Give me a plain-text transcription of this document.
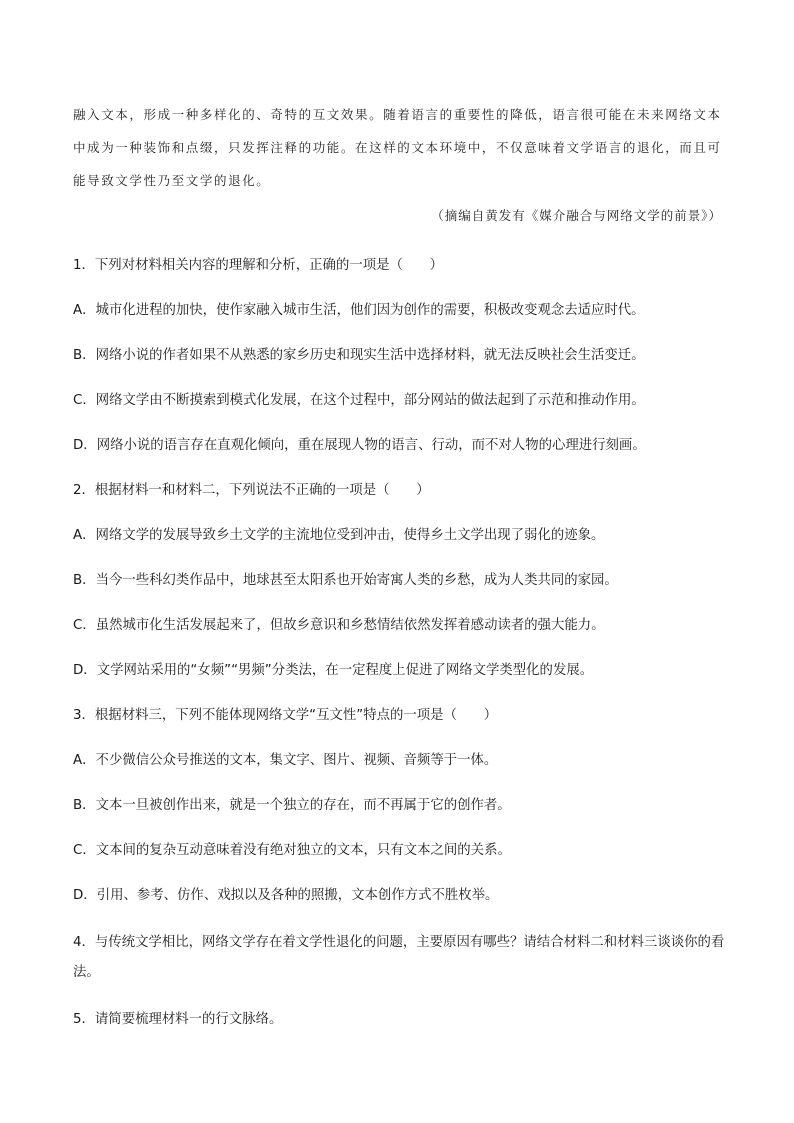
融入文本，形成一种多样化的、奇特的互文效果。随着语言的重要性的降低，语言很可能在未来网络文本

中成为一种装饰和点缀，只发挥注释的功能。在这样的文本环境中，不仅意味着文学语言的退化，而且可

能导致文学性乃至文学的退化。

（摘编自黄发有《媒介融合与网络文学的前景》）
1．下列对材料相关内容的理解和分析，正确的一项是（　　）
A．城市化进程的加快，使作家融入城市生活，他们因为创作的需要，积极改变观念去适应时代。
B．网络小说的作者如果不从熟悉的家乡历史和现实生活中选择材料，就无法反映社会生活变迁。
C．网络文学由不断摸索到模式化发展，在这个过程中，部分网站的做法起到了示范和推动作用。
D．网络小说的语言存在直观化倾向，重在展现人物的语言、行动，而不对人物的心理进行刻画。
2．根据材料一和材料二，下列说法不正确的一项是（　　）
A．网络文学的发展导致乡土文学的主流地位受到冲击，使得乡土文学出现了弱化的迹象。
B．当今一些科幻类作品中，地球甚至太阳系也开始寄寓人类的乡愁，成为人类共同的家园。
C．虽然城市化生活发展起来了，但故乡意识和乡愁情结依然发挥着感动读者的强大能力。
D．文学网站采用的“女频”“男频”分类法，在一定程度上促进了网络文学类型化的发展。
3．根据材料三，下列不能体现网络文学“互文性”特点的一项是（　　）
A．不少微信公众号推送的文本，集文字、图片、视频、音频等于一体。
B．文本一旦被创作出来，就是一个独立的存在，而不再属于它的创作者。
C．文本间的复杂互动意味着没有绝对独立的文本，只有文本之间的关系。
D．引用、参考、仿作、戏拟以及各种的照搬，文本创作方式不胜枚举。
4．与传统文学相比，网络文学存在着文学性退化的问题，主要原因有哪些？请结合材料二和材料三谈谈你的看法。
5．请简要梳理材料一的行文脉络。
